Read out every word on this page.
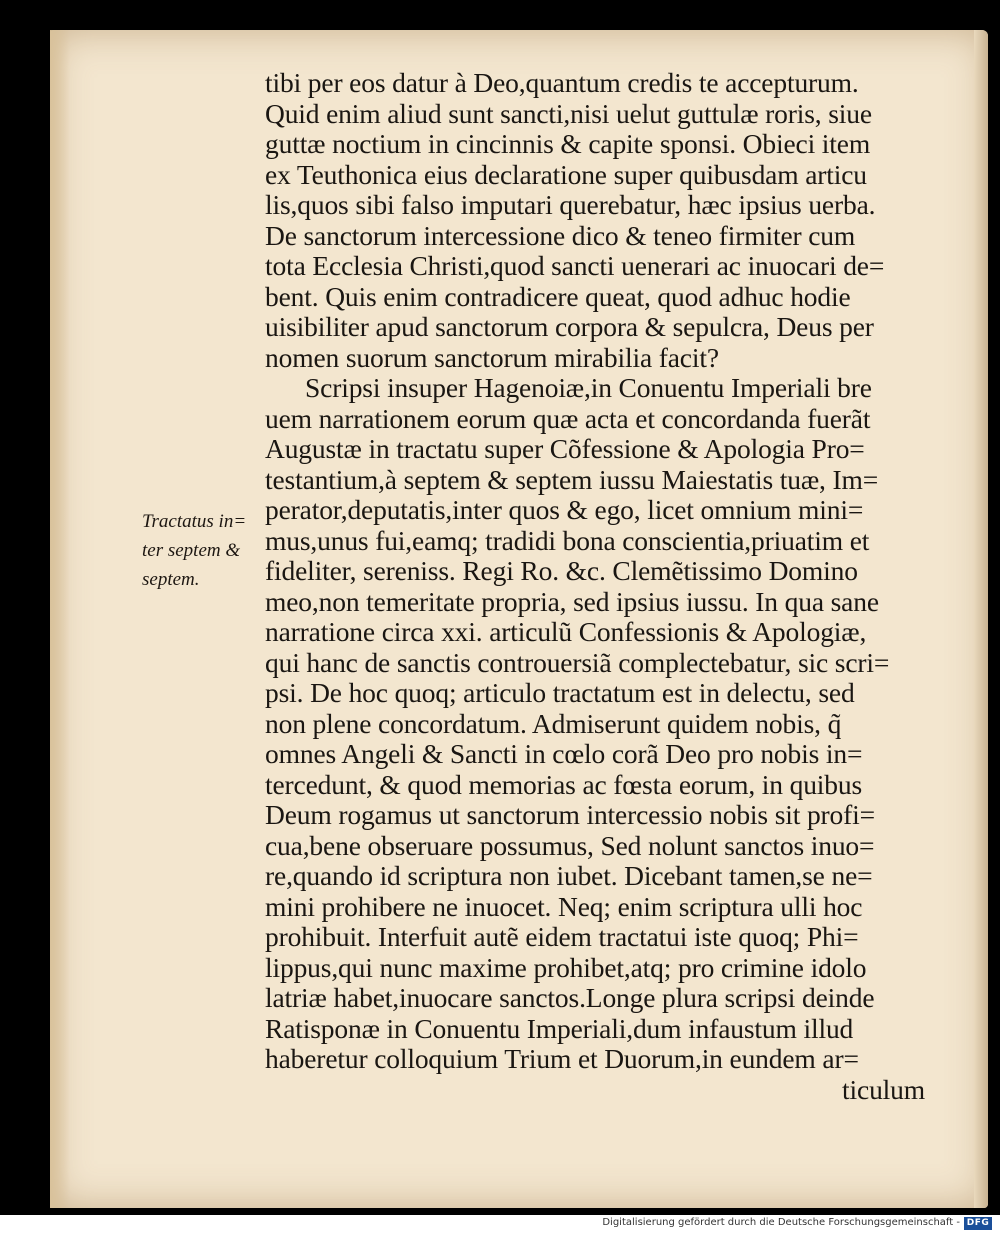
Tractatus in=
ter septem &
septem.
tibi per eos datur à Deo,quantum credis te accepturum.
Quid enim aliud sunt sancti,nisi uelut guttulæ roris, siue
guttæ noctium in cincinnis & capite sponsi. Obieci item
ex Teuthonica eius declaratione super quibusdam articu
lis,quos sibi falso imputari querebatur, hæc ipsius uerba.
De sanctorum intercessione dico & teneo firmiter cum
tota Ecclesia Christi,quod sancti uenerari ac inuocari de=
bent. Quis enim contradicere queat, quod adhuc hodie
uisibiliter apud sanctorum corpora & sepulcra, Deus per
nomen suorum sanctorum mirabilia facit?
Scripsi insuper Hagenoiæ,in Conuentu Imperiali bre
uem narrationem eorum quæ acta et concordanda fuerãt
Augustæ in tractatu super Cõfessione & Apologia Pro=
testantium,à septem & septem iussu Maiestatis tuæ, Im=
perator,deputatis,inter quos & ego, licet omnium mini=
mus,unus fui,eamq; tradidi bona conscientia,priuatim et
fideliter, sereniss. Regi Ro. &c. Clemẽtissimo Domino
meo,non temeritate propria, sed ipsius iussu. In qua sane
narratione circa xxi. articulũ Confessionis & Apologiæ,
qui hanc de sanctis controuersiã complectebatur, sic scri=
psi. De hoc quoq; articulo tractatum est in delectu, sed
non plene concordatum. Admiserunt quidem nobis, q̃
omnes Angeli & Sancti in cœlo corã Deo pro nobis in=
tercedunt, & quod memorias ac fœsta eorum, in quibus
Deum rogamus ut sanctorum intercessio nobis sit profi=
cua,bene obseruare possumus, Sed nolunt sanctos inuo=
re,quando id scriptura non iubet. Dicebant tamen,se ne=
mini prohibere ne inuocet. Neq; enim scriptura ulli hoc
prohibuit. Interfuit autẽ eidem tractatui iste quoq; Phi=
lippus,qui nunc maxime prohibet,atq; pro crimine idolo
latriæ habet,inuocare sanctos.Longe plura scripsi deinde
Ratisponæ in Conuentu Imperiali,dum infaustum illud
haberetur colloquium Trium et Duorum,in eundem ar=
ticulum
Digitalisierung gefördert durch die Deutsche Forschungsgemeinschaft - DFG
